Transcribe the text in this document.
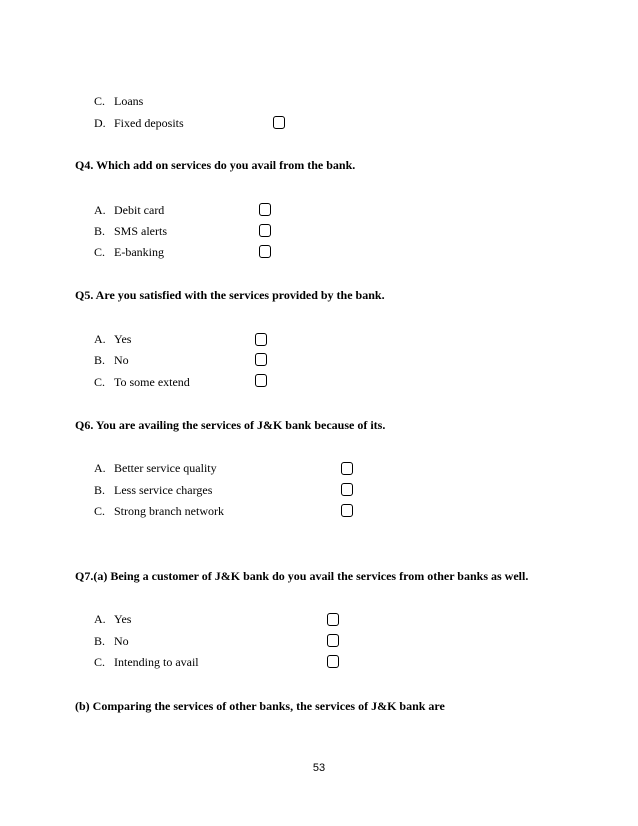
C. Loans
D. Fixed deposits
Q4. Which add on services do you avail from the bank.
A. Debit card
B. SMS alerts
C. E-banking
Q5. Are you satisfied with the services provided by the bank.
A. Yes
B. No
C. To some extend
Q6. You are availing the services of J&K bank because of its.
A. Better service quality
B. Less service charges
C. Strong branch network
Q7.(a) Being a customer of J&K bank do you avail the services from other banks as well.
A. Yes
B. No
C. Intending to avail
(b) Comparing the services of other banks, the services of J&K bank are
53
